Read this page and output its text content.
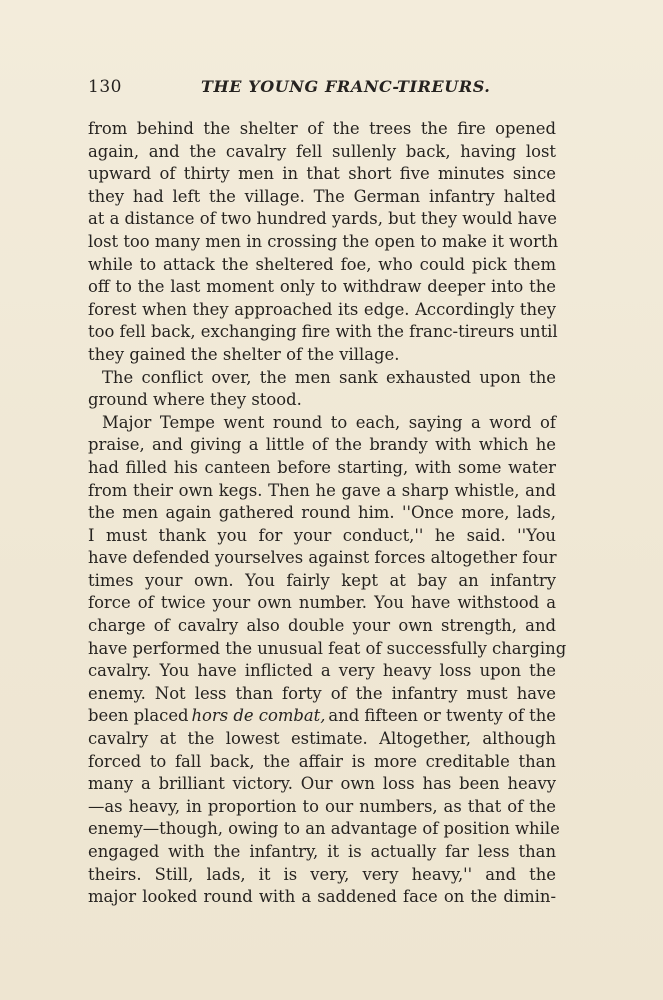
130	THE YOUNG FRANC-TIREURS.
from behind the shelter of the trees the fire opened
again, and the cavalry fell sullenly back, having lost
upward of thirty men in that short five minutes since
they had left the village. The German infantry halted
at a distance of two hundred yards, but they would have
lost too many men in crossing the open to make it worth
while to attack the sheltered foe, who could pick them
off to the last moment only to withdraw deeper into the
forest when they approached its edge. Accordingly they
too fell back, exchanging fire with the franc-tireurs until
they gained the shelter of the village.
The conflict over, the men sank exhausted upon the
ground where they stood.
Major Tempe went round to each, saying a word of
praise, and giving a little of the brandy with which he
had filled his canteen before starting, with some water
from their own kegs. Then he gave a sharp whistle, and
the men again gathered round him. ''Once more, lads,
I must thank you for your conduct,'' he said. ''You
have defended yourselves against forces altogether four
times your own. You fairly kept at bay an infantry
force of twice your own number. You have withstood a
charge of cavalry also double your own strength, and
have performed the unusual feat of successfully charging
cavalry. You have inflicted a very heavy loss upon the
enemy. Not less than forty of the infantry must have
been placed hors de combat, and fifteen or twenty of the
cavalry at the lowest estimate. Altogether, although
forced to fall back, the affair is more creditable than
many a brilliant victory. Our own loss has been heavy
—as heavy, in proportion to our numbers, as that of the
enemy—though, owing to an advantage of position while
engaged with the infantry, it is actually far less than
theirs. Still, lads, it is very, very heavy,'' and the
major looked round with a saddened face on the dimin-
